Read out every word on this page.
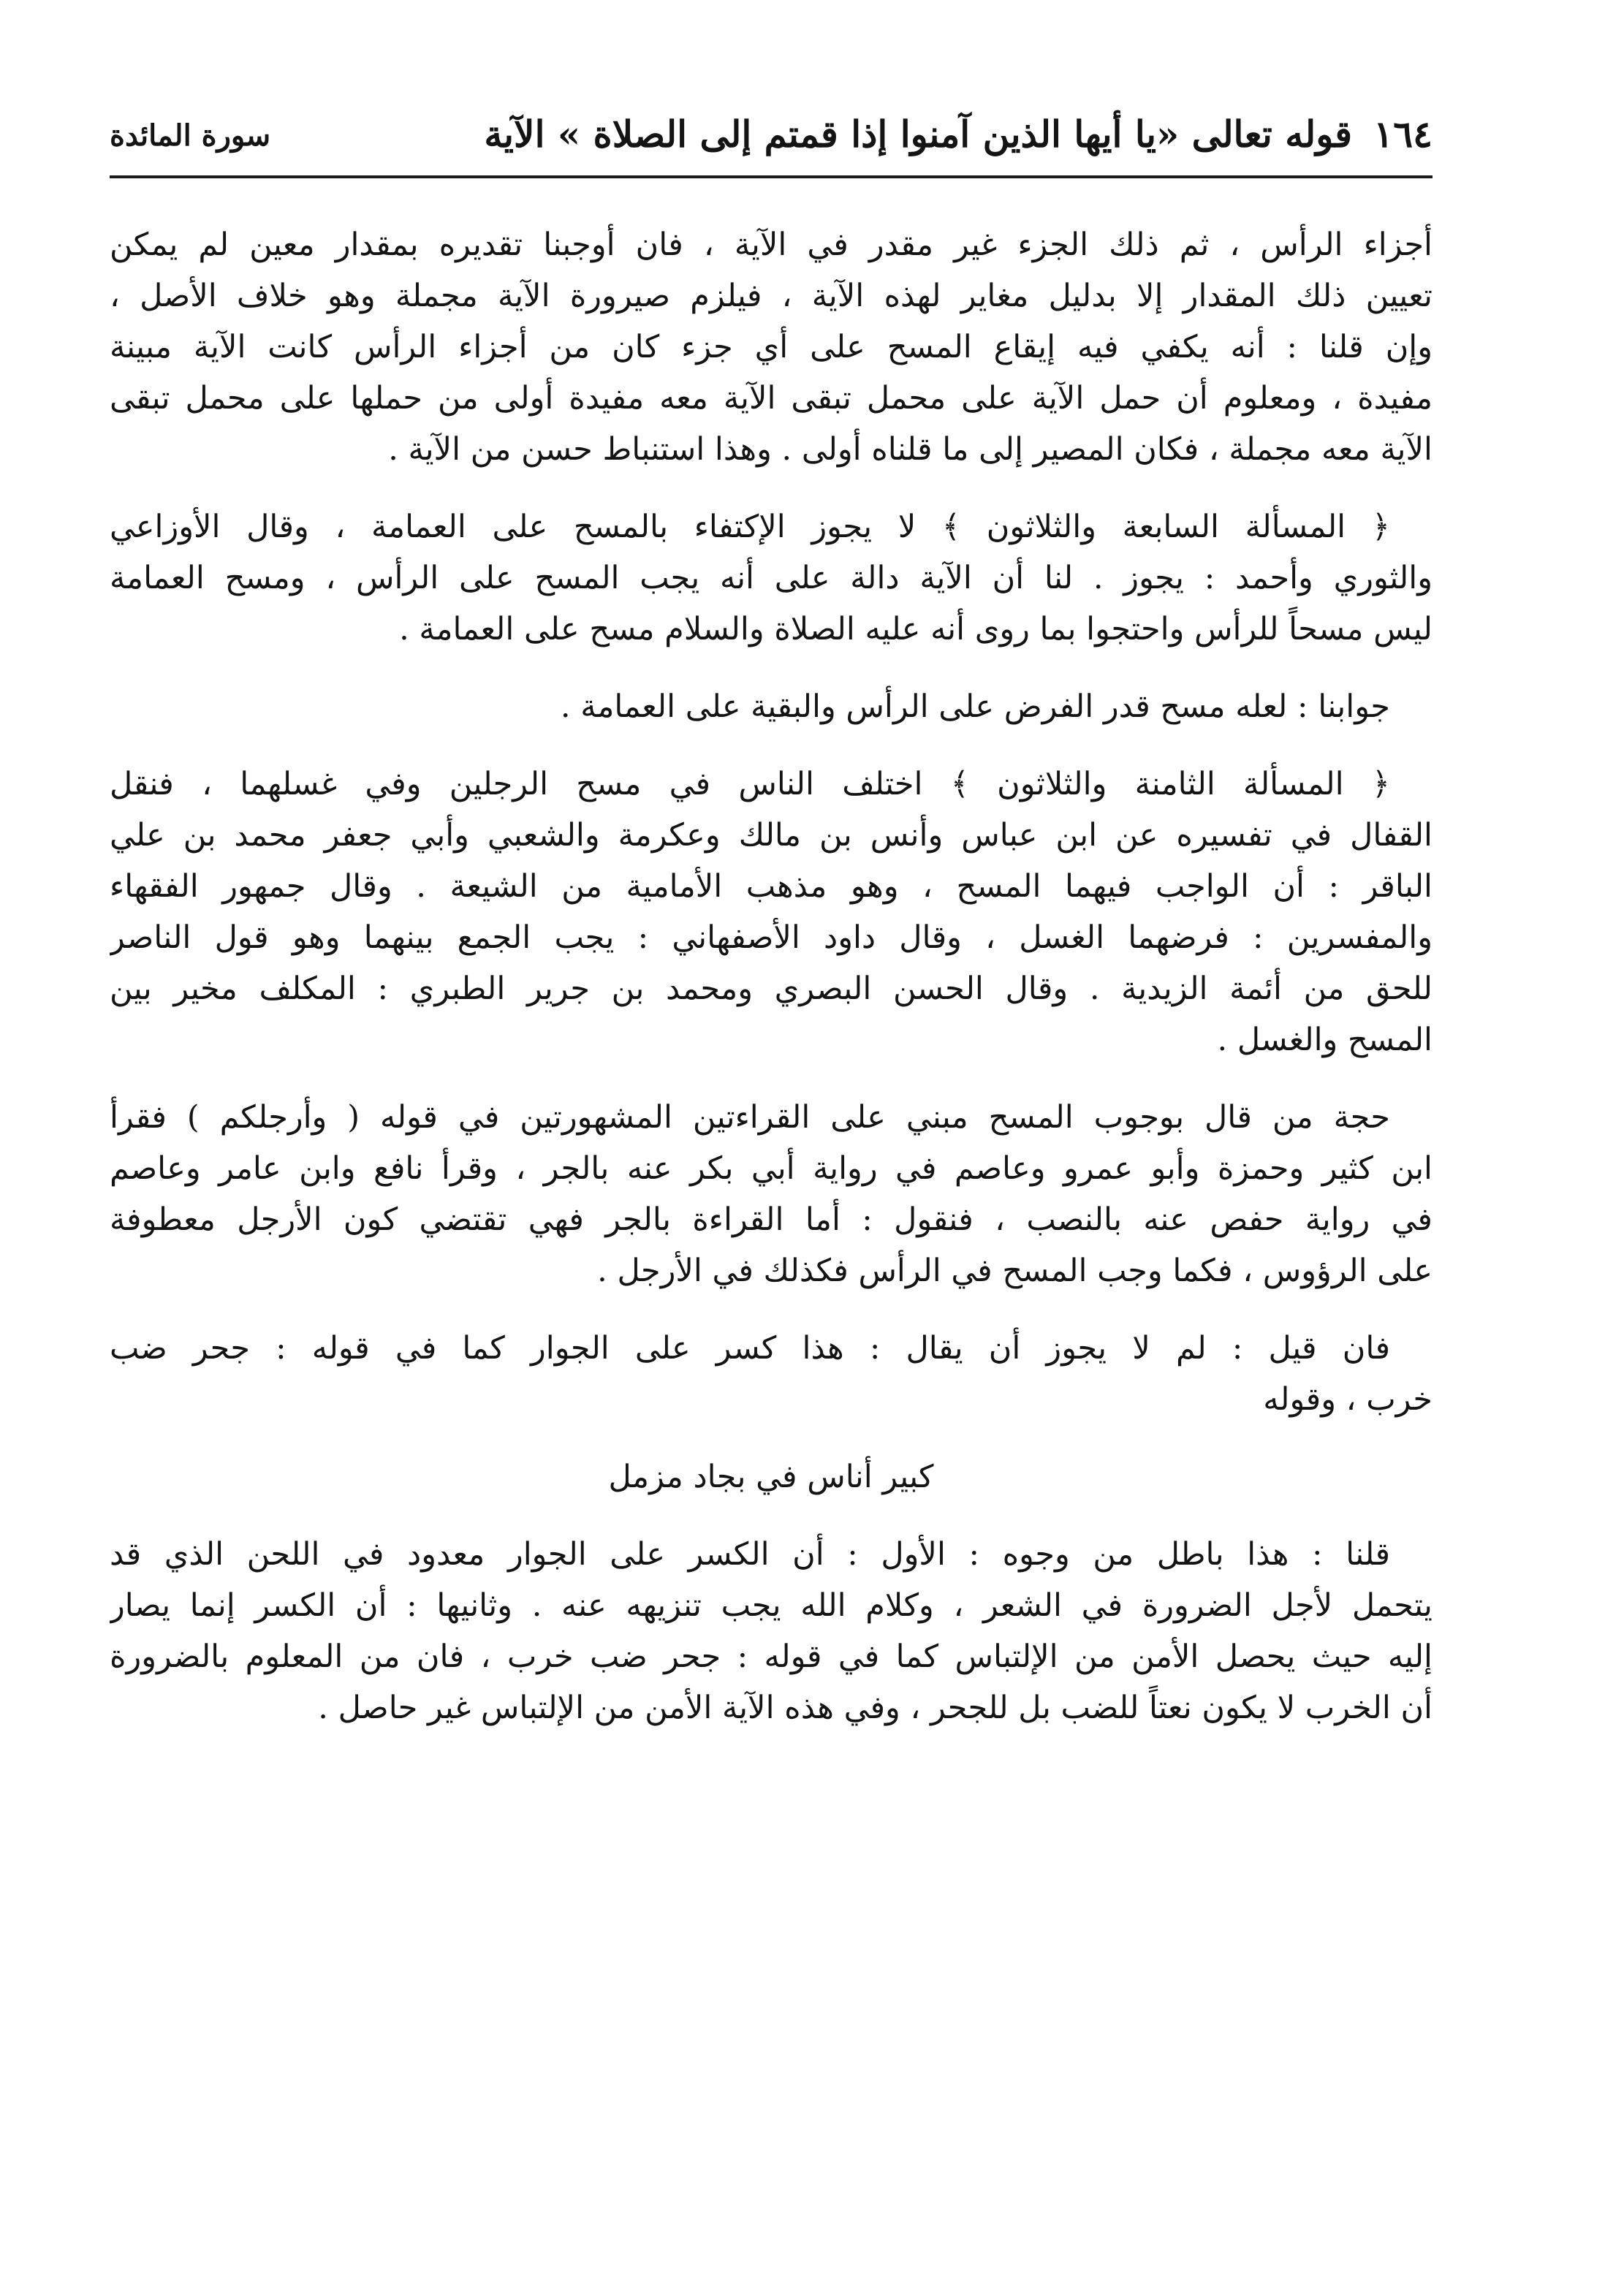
١٦٤
قوله تعالى «يا أيها الذين آمنوا إذا قمتم إلى الصلاة » الآية
سورة المائدة
أجزاء الرأس ، ثم ذلك الجزء غير مقدر في الآية ، فان أوجبنا تقديره بمقدار معين لم يمكن
تعيين ذلك المقدار إلا بدليل مغاير لهذه الآية ، فيلزم صيرورة الآية مجملة وهو خلاف الأصل ،
وإن قلنا : أنه يكفي فيه إيقاع المسح على أي جزء كان من أجزاء الرأس كانت الآية مبينة
مفيدة ، ومعلوم أن حمل الآية على محمل تبقى الآية معه مفيدة أولى من حملها على محمل تبقى
الآية معه مجملة ، فكان المصير إلى ما قلناه أولى . وهذا استنباط حسن من الآية .
﴿ المسألة السابعة والثلاثون ﴾ لا يجوز الإكتفاء بالمسح على العمامة ، وقال الأوزاعي
والثوري وأحمد : يجوز . لنا أن الآية دالة على أنه يجب المسح على الرأس ، ومسح العمامة
ليس مسحاً للرأس واحتجوا بما روى أنه عليه الصلاة والسلام مسح على العمامة .
جوابنا : لعله مسح قدر الفرض على الرأس والبقية على العمامة .
﴿ المسألة الثامنة والثلاثون ﴾ اختلف الناس في مسح الرجلين وفي غسلهما ، فنقل
القفال في تفسيره عن ابن عباس وأنس بن مالك وعكرمة والشعبي وأبي جعفر محمد بن علي
الباقر : أن الواجب فيهما المسح ، وهو مذهب الأمامية من الشيعة . وقال جمهور الفقهاء
والمفسرين : فرضهما الغسل ، وقال داود الأصفهاني : يجب الجمع بينهما وهو قول الناصر
للحق من أئمة الزيدية . وقال الحسن البصري ومحمد بن جرير الطبري : المكلف مخير بين
المسح والغسل .
حجة من قال بوجوب المسح مبني على القراءتين المشهورتين في قوله ( وأرجلكم ) فقرأ
ابن كثير وحمزة وأبو عمرو وعاصم في رواية أبي بكر عنه بالجر ، وقرأ نافع وابن عامر وعاصم
في رواية حفص عنه بالنصب ، فنقول : أما القراءة بالجر فهي تقتضي كون الأرجل معطوفة
على الرؤوس ، فكما وجب المسح في الرأس فكذلك في الأرجل .
فان قيل : لم لا يجوز أن يقال : هذا كسر على الجوار كما في قوله : جحر ضب
خرب ، وقوله
كبير أناس في بجاد مزمل
قلنا : هذا باطل من وجوه : الأول : أن الكسر على الجوار معدود في اللحن الذي قد
يتحمل لأجل الضرورة في الشعر ، وكلام الله يجب تنزيهه عنه . وثانيها : أن الكسر إنما يصار
إليه حيث يحصل الأمن من الإلتباس كما في قوله : جحر ضب خرب ، فان من المعلوم بالضرورة
أن الخرب لا يكون نعتاً للضب بل للجحر ، وفي هذه الآية الأمن من الإلتباس غير حاصل .
